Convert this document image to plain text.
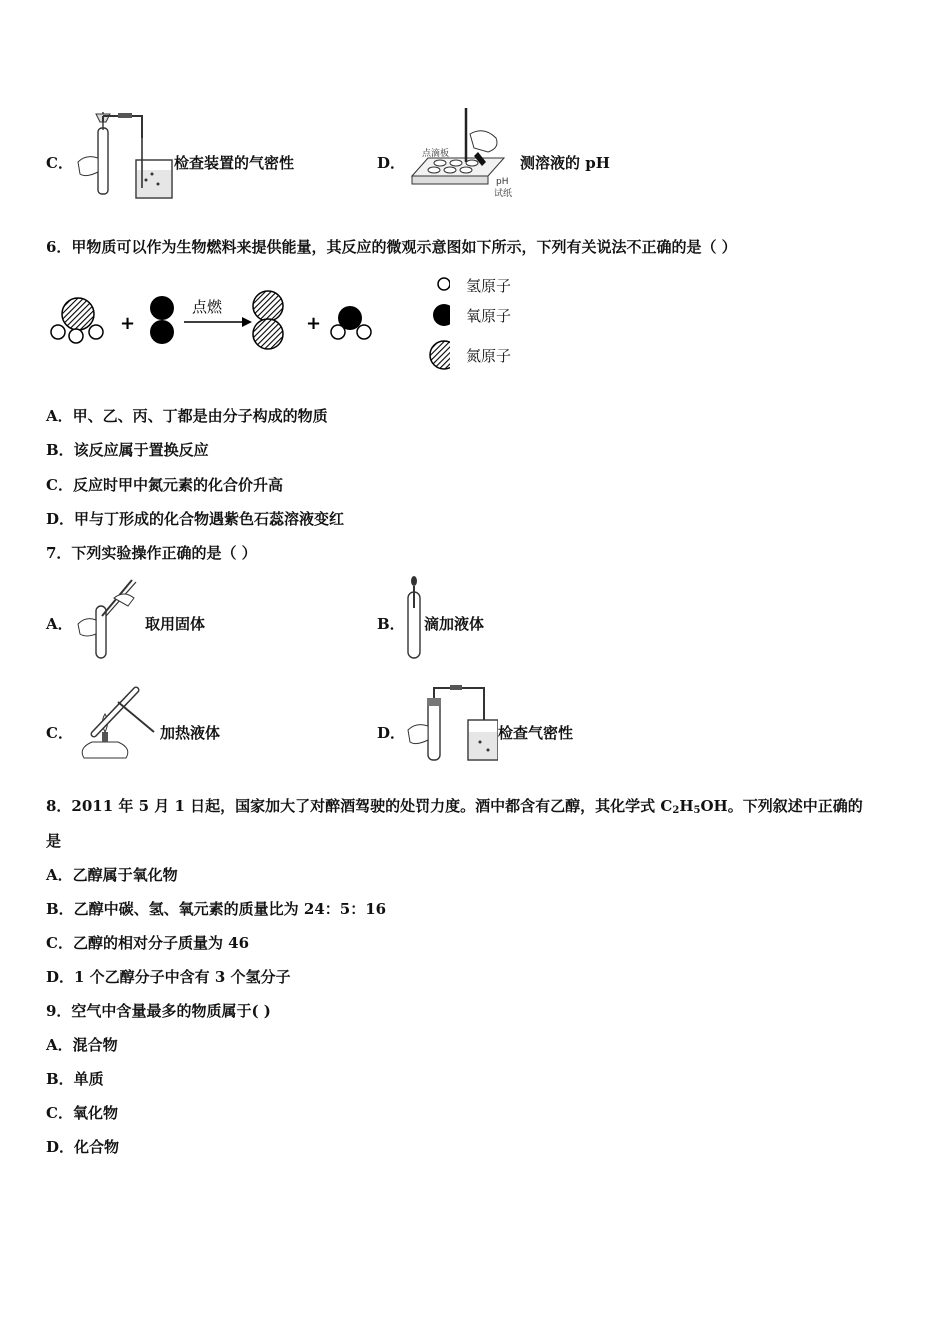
C．	检查装置的气密性	D． 点滴板
pH
试纸
测溶液的 pH
6．甲物质可以作为生物燃料来提供能量，其反应的微观示意图如下所示，下列有关说法不正确的是（ ）
+
点燃
+
氢原子
氧原子
氮原子
A．甲、乙、丙、丁都是由分子构成的物质
B．该反应属于置换反应
C．反应时甲中氮元素的化合价升高
D．甲与丁形成的化合物遇紫色石蕊溶液变红
7．下列实验操作正确的是（ ）
A．	取用固体	B． 滴加液体
C．	加热液体	D．	检查气密性
8．2011 年 5 月 1 日起，国家加大了对醉酒驾驶的处罚力度。酒中都含有乙醇，其化学式 $C_2H_5OH$。下列叙述中正确的
是
A．乙醇属于氧化物
B．乙醇中碳、氢、氧元素的质量比为 24：5：16
C．乙醇的相对分子质量为 46
D．1 个乙醇分子中含有 3 个氢分子
9．空气中含量最多的物质属于( )
A．混合物
B．单质
C．氧化物
D．化合物
